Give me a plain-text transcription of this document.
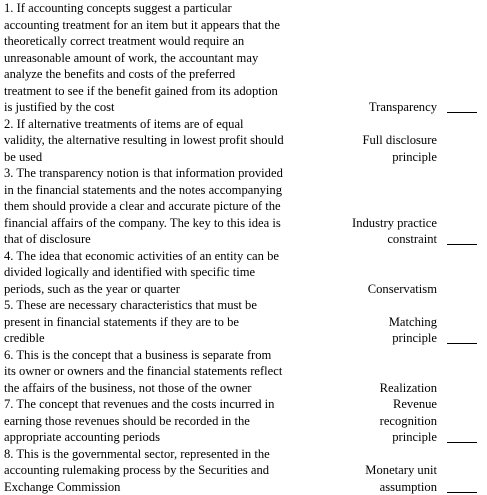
1. If accounting concepts suggest a particular
accounting treatment for an item but it appears that the
theoretically correct treatment would require an
unreasonable amount of work, the accountant may
analyze the benefits and costs of the preferred
treatment to see if the benefit gained from its adoption
is justified by the cost
2. If alternative treatments of items are of equal
validity, the alternative resulting in lowest profit should
be used
3. The transparency notion is that information provided
in the financial statements and the notes accompanying
them should provide a clear and accurate picture of the
financial affairs of the company. The key to this idea is
that of disclosure
4. The idea that economic activities of an entity can be
divided logically and identified with specific time
periods, such as the year or quarter
5. These are necessary characteristics that must be
present in financial statements if they are to be
credible
6. This is the concept that a business is separate from
its owner or owners and the financial statements reflect
the affairs of the business, not those of the owner
7. The concept that revenues and the costs incurred in
earning those revenues should be recorded in the
appropriate accounting periods
8. This is the governmental sector, represented in the
accounting rulemaking process by the Securities and
Exchange Commission
Transparency
Full disclosure
principle
Industry practice
constraint
Conservatism
Matching
principle
Realization
Revenue
recognition
principle
Monetary unit
assumption
